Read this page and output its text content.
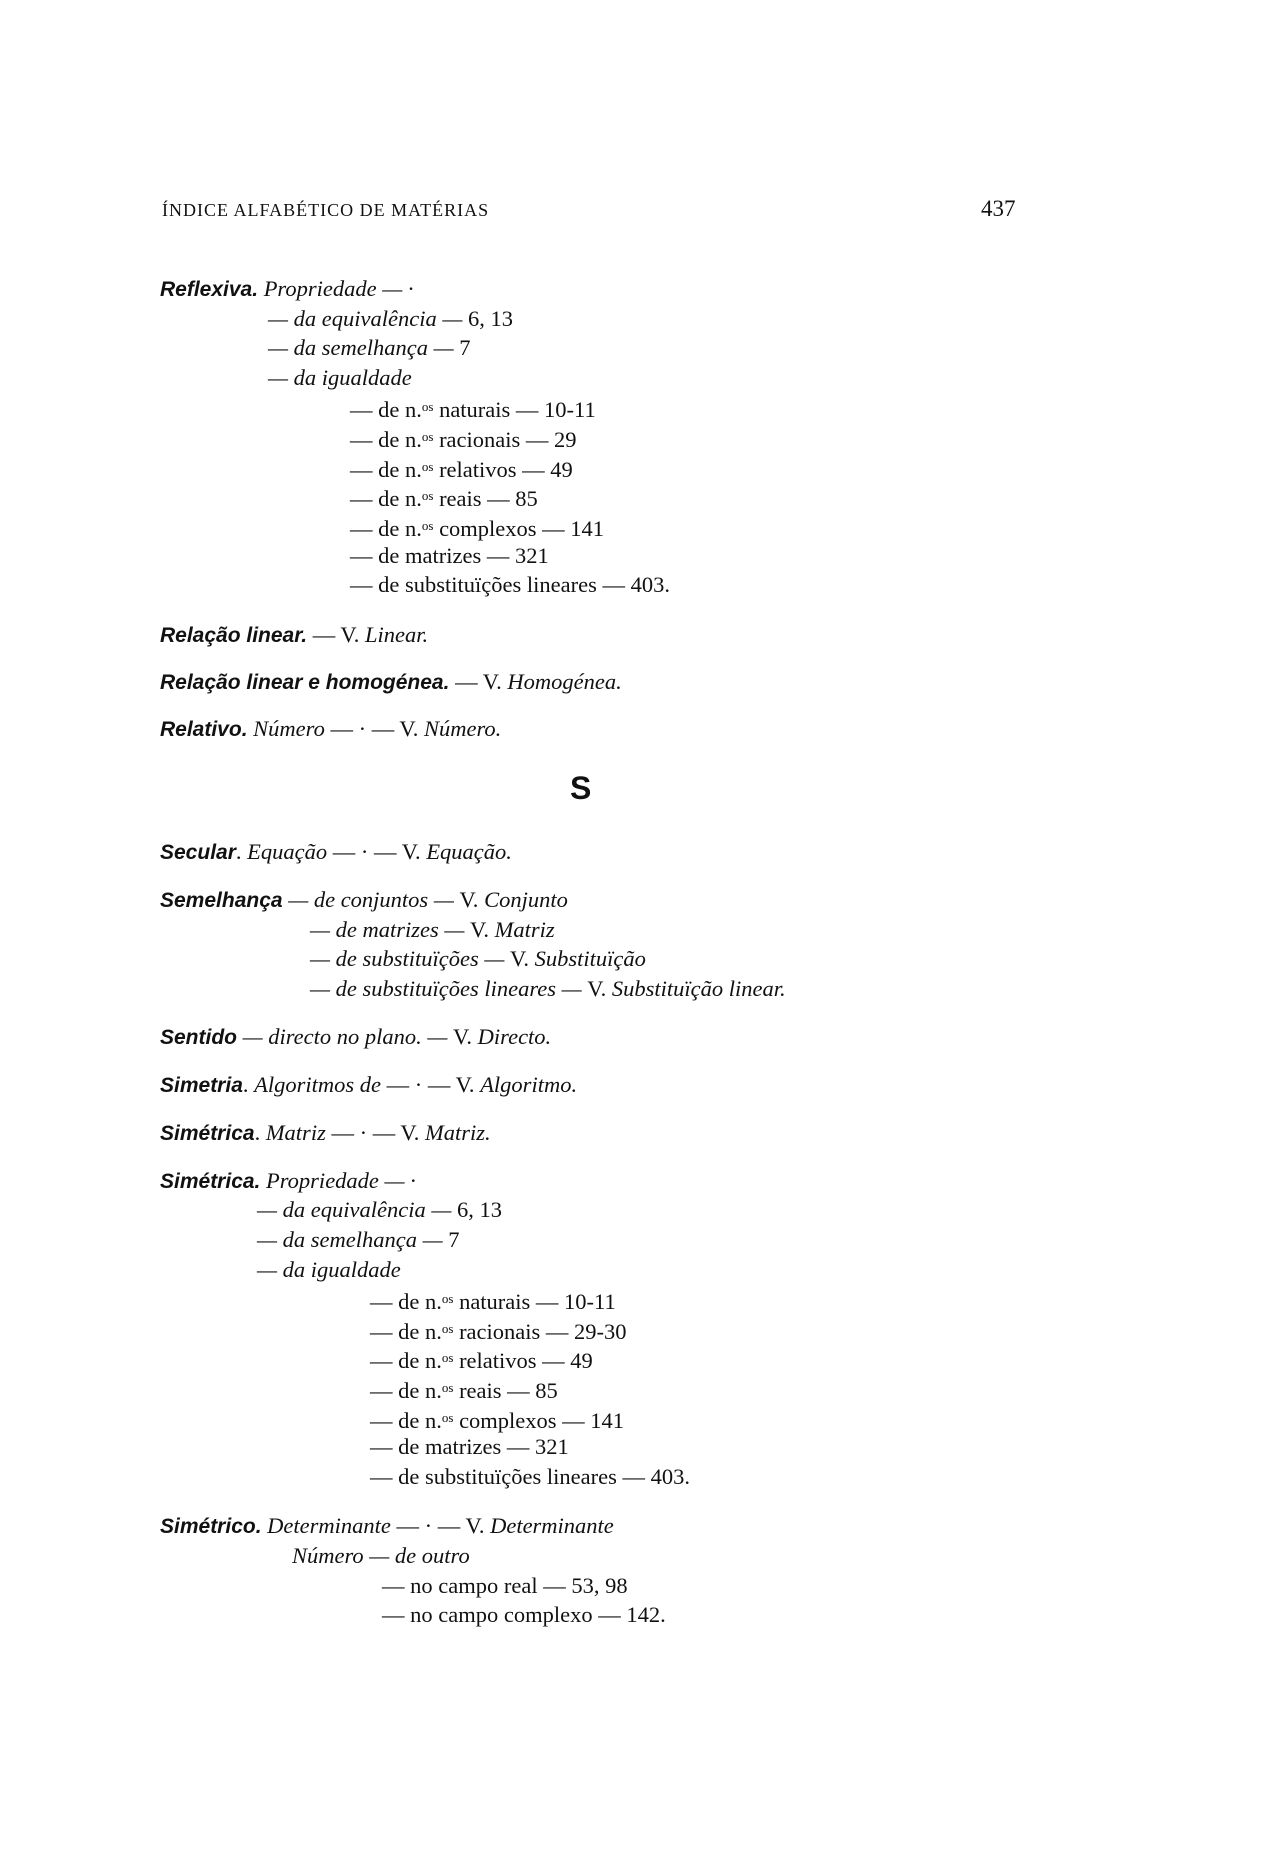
ÍNDICE ALFABÉTICO DE MATÉRIAS	437
S
Reflexiva. Propriedade — ·
— da equivalência — 6, 13
— da semelhança — 7
— da igualdade
— de n.$^{os}$ naturais — 10-11
— de n.$^{os}$ racionais — 29
— de n.$^{os}$ relativos — 49
— de n.$^{os}$ reais — 85
— de n.$^{os}$ complexos — 141
— de matrizes — 321
— de substituïções lineares — 403.
Relação linear. — V. Linear.
Relação linear e homogénea. — V. Homogénea.
Relativo. Número — · — V. Número.
Secular. Equação — · — V. Equação.
Semelhança — de conjuntos — V. Conjunto
— de matrizes — V. Matriz
— de substituïções — V. Substituïção
— de substituïções lineares — V. Substituïção linear.
Sentido — directo no plano. — V. Directo.
Simetria. Algoritmos de — · — V. Algoritmo.
Simétrica. Matriz — · — V. Matriz.
Simétrica. Propriedade — ·
— da equivalência — 6, 13
— da semelhança — 7
— da igualdade
— de n.$^{os}$ naturais — 10-11
— de n.$^{os}$ racionais — 29-30
— de n.$^{os}$ relativos — 49
— de n.$^{os}$ reais — 85
— de n.$^{os}$ complexos — 141
— de matrizes — 321
— de substituïções lineares — 403.
Simétrico. Determinante — · — V. Determinante
Número — de outro
— no campo real — 53, 98
— no campo complexo — 142.
